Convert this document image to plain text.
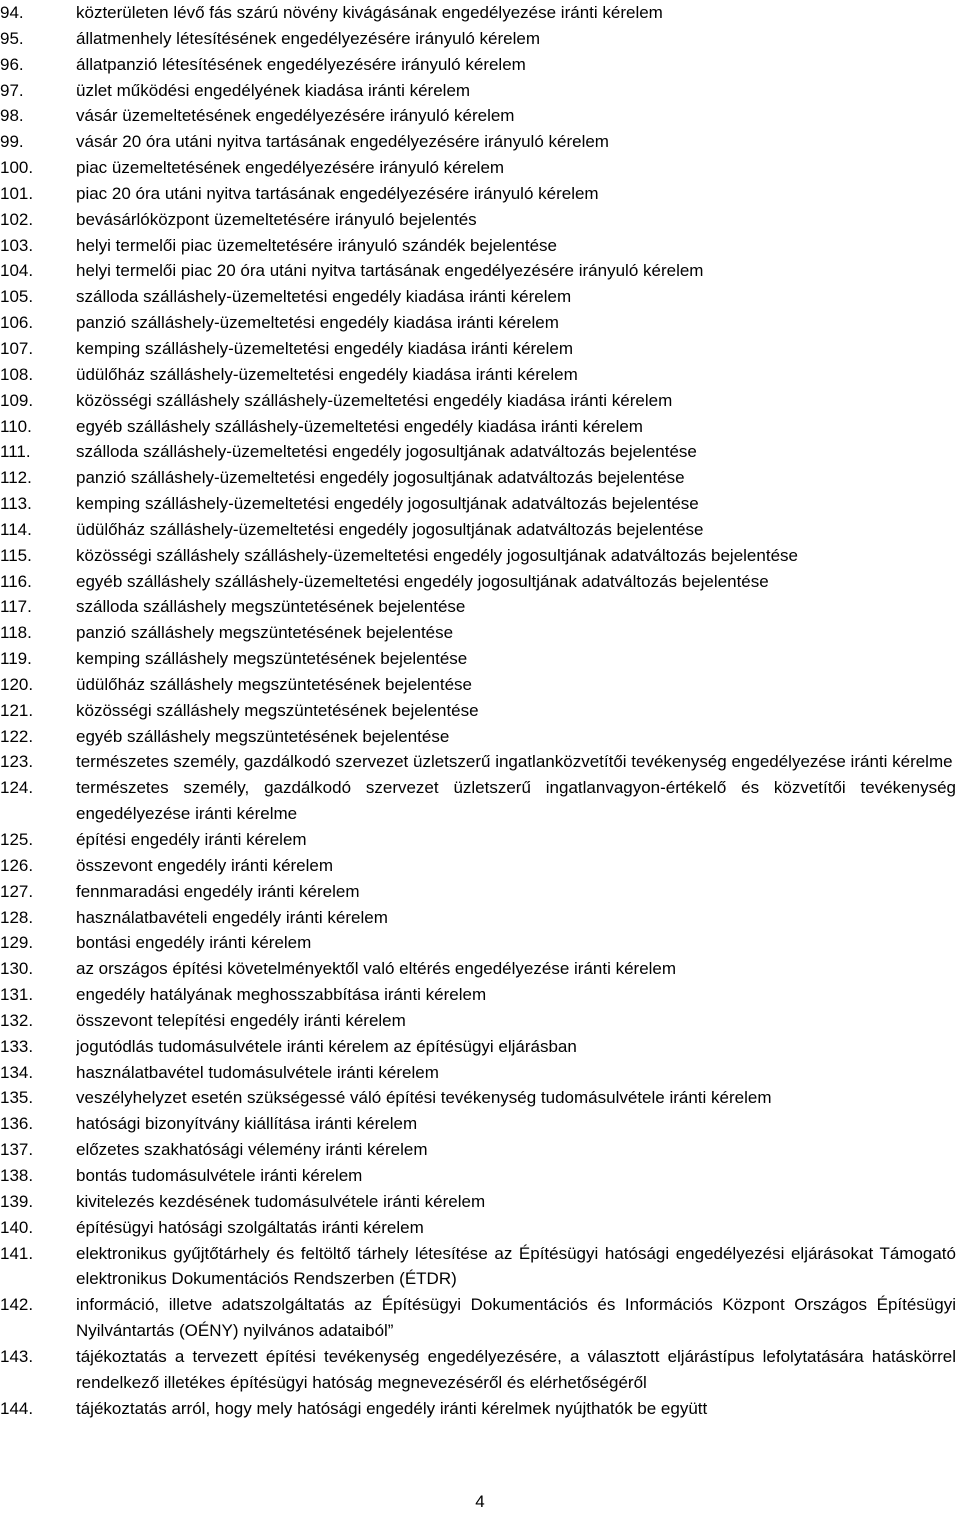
94.	közterületen lévő fás szárú növény kivágásának engedélyezése iránti kérelem
95.	állatmenhely létesítésének engedélyezésére irányuló kérelem
96.	állatpanzió létesítésének engedélyezésére irányuló kérelem
97.	üzlet működési engedélyének kiadása iránti kérelem
98.	vásár üzemeltetésének engedélyezésére irányuló kérelem
99.	vásár 20 óra utáni nyitva tartásának engedélyezésére irányuló kérelem
100.	piac üzemeltetésének engedélyezésére irányuló kérelem
101.	piac 20 óra utáni nyitva tartásának engedélyezésére irányuló kérelem
102.	bevásárlóközpont üzemeltetésére irányuló bejelentés
103.	helyi termelői piac üzemeltetésére irányuló szándék bejelentése
104.	helyi termelői piac 20 óra utáni nyitva tartásának engedélyezésére irányuló kérelem
105.	szálloda szálláshely-üzemeltetési engedély kiadása iránti kérelem
106.	panzió szálláshely-üzemeltetési engedély kiadása iránti kérelem
107.	kemping szálláshely-üzemeltetési engedély kiadása iránti kérelem
108.	üdülőház szálláshely-üzemeltetési engedély kiadása iránti kérelem
109.	közösségi szálláshely szálláshely-üzemeltetési engedély kiadása iránti kérelem
110.	egyéb szálláshely szálláshely-üzemeltetési engedély kiadása iránti kérelem
111.	szálloda szálláshely-üzemeltetési engedély jogosultjának adatváltozás bejelentése
112.	panzió szálláshely-üzemeltetési engedély jogosultjának adatváltozás bejelentése
113.	kemping szálláshely-üzemeltetési engedély jogosultjának adatváltozás bejelentése
114.	üdülőház szálláshely-üzemeltetési engedély jogosultjának adatváltozás bejelentése
115.	közösségi szálláshely szálláshely-üzemeltetési engedély jogosultjának adatváltozás bejelentése
116.	egyéb szálláshely szálláshely-üzemeltetési engedély jogosultjának adatváltozás bejelentése
117.	szálloda szálláshely megszüntetésének bejelentése
118.	panzió szálláshely megszüntetésének bejelentése
119.	kemping szálláshely megszüntetésének bejelentése
120.	üdülőház szálláshely megszüntetésének bejelentése
121.	közösségi szálláshely megszüntetésének bejelentése
122.	egyéb szálláshely megszüntetésének bejelentése
123.	természetes személy, gazdálkodó szervezet üzletszerű ingatlanközvetítői tevékenység engedélyezése iránti kérelme
124.	természetes személy, gazdálkodó szervezet üzletszerű ingatlanvagyon-értékelő és közvetítői tevékenység engedélyezése iránti kérelme
125.	építési engedély iránti kérelem
126.	összevont engedély iránti kérelem
127.	fennmaradási engedély iránti kérelem
128.	használatbavételi engedély iránti kérelem
129.	bontási engedély iránti kérelem
130.	az országos építési követelményektől való eltérés engedélyezése iránti kérelem
131.	engedély hatályának meghosszabbítása iránti kérelem
132.	összevont telepítési engedély iránti kérelem
133.	jogutódlás tudomásulvétele iránti kérelem az építésügyi eljárásban
134.	használatbavétel tudomásulvétele iránti kérelem
135.	veszélyhelyzet esetén szükségessé váló építési tevékenység tudomásulvétele iránti kérelem
136.	hatósági bizonyítvány kiállítása iránti kérelem
137.	előzetes szakhatósági vélemény iránti kérelem
138.	bontás tudomásulvétele iránti kérelem
139.	kivitelezés kezdésének tudomásulvétele iránti kérelem
140.	építésügyi hatósági szolgáltatás iránti kérelem
141.	elektronikus gyűjtőtárhely és feltöltő tárhely létesítése az Építésügyi hatósági engedélyezési eljárásokat Támogató elektronikus Dokumentációs Rendszerben (ÉTDR)
142.	információ, illetve adatszolgáltatás az Építésügyi Dokumentációs és Információs Központ Országos Építésügyi Nyilvántartás (OÉNY) nyilvános adataiból”
143.	tájékoztatás a tervezett építési tevékenység engedélyezésére, a választott eljárástípus lefolytatására hatáskörrel rendelkező illetékes építésügyi hatóság megnevezéséről és elérhetőségéről
144.	tájékoztatás arról, hogy mely hatósági engedély iránti kérelmek nyújthatók be együtt
4
